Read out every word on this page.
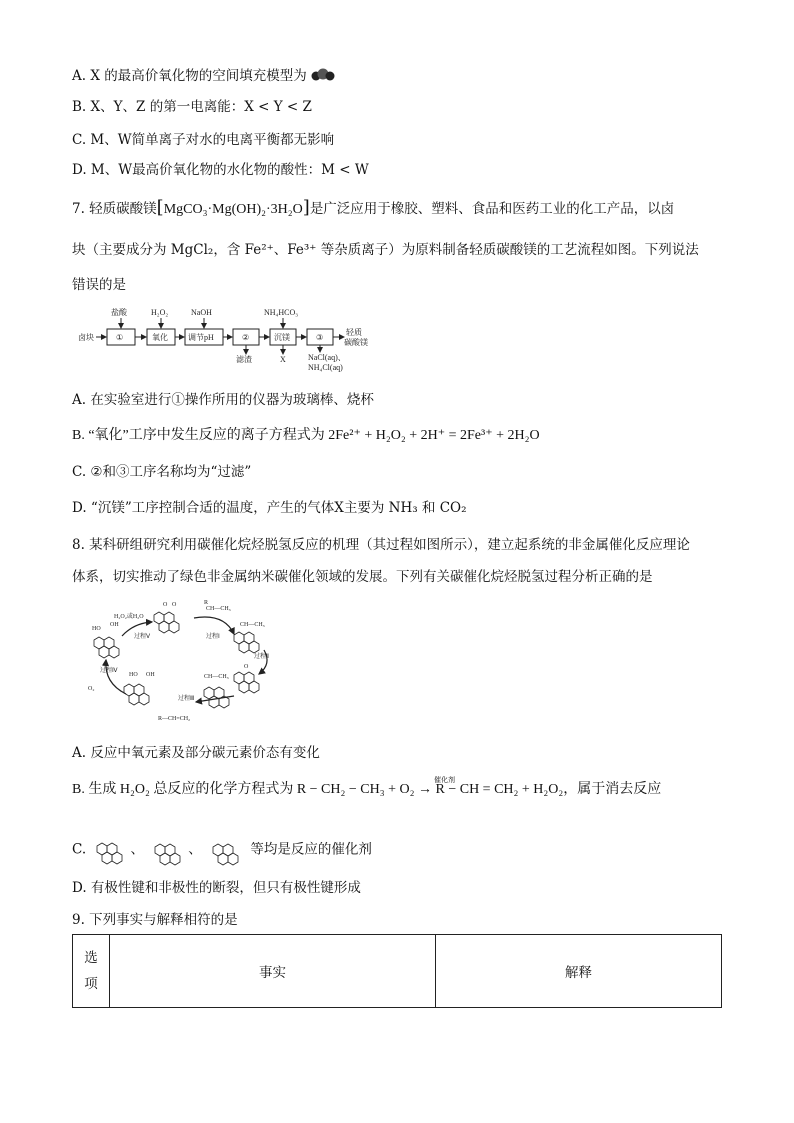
A. X 的最高价氧化物的空间填充模型为
B. X、Y、Z 的第一电离能：X < Y < Z
C. M、W简单离子对水的电离平衡都无影响
D. M、W最高价氧化物的水化物的酸性：M < W
7. 轻质碳酸镁[MgCO₃·Mg(OH)₂·3H₂O]是广泛应用于橡胶、塑料、食品和医药工业的化工产品，以卤
块（主要成分为 MgCl₂，含 Fe²⁺、Fe³⁺ 等杂质离子）为原料制备轻质碳酸镁的工艺流程如图。下列说法
错误的是
卤块	①	氧化	调节pH	②	沉镁	③
轻质
碳酸镁
盐酸	H₂O₂	NaOH	NH₄HCO₃
滤渣	X	NaCl(aq)、
NH₄Cl(aq)
A. 在实验室进行①操作所用的仪器为玻璃棒、烧杯
B. “氧化”工序中发生反应的离子方程式为 2Fe²⁺ + H₂O₂ + 2H⁺ = 2Fe³⁺ + 2H₂O
C. ②和③工序名称均为“过滤”
D. “沉镁”工序控制合适的温度，产生的气体X主要为 NH₃ 和 CO₂
8. 某科研组研究利用碳催化烷烃脱氢反应的机理（其过程如图所示），建立起系统的非金属催化反应理论
体系，切实推动了绿色非金属纳米碳催化领域的发展。下列有关碳催化烷烃脱氢过程分析正确的是
O O	R
CH—CH₃
CH—CH₃
O
CH—CH₃
HO OH
HO
OH
H₂O₂或H₂O
O₂
R—CH=CH₂
过程Ⅰ
过程Ⅱ
过程Ⅲ
过程Ⅳ
过程Ⅴ
A. 反应中氧元素及部分碳元素价态有变化
B. 生成 H₂O₂ 总反应的化学方程式为 R − CH₂ − CH₃ + O₂ → R − CH = CH₂ + H₂O₂，属于消去反应
催化剂
C.	、	、	等均是反应的催化剂
D. 有极性键和非极性的断裂，但只有极性键形成
9. 下列事实与解释相符的是
选
项	事实	解释
